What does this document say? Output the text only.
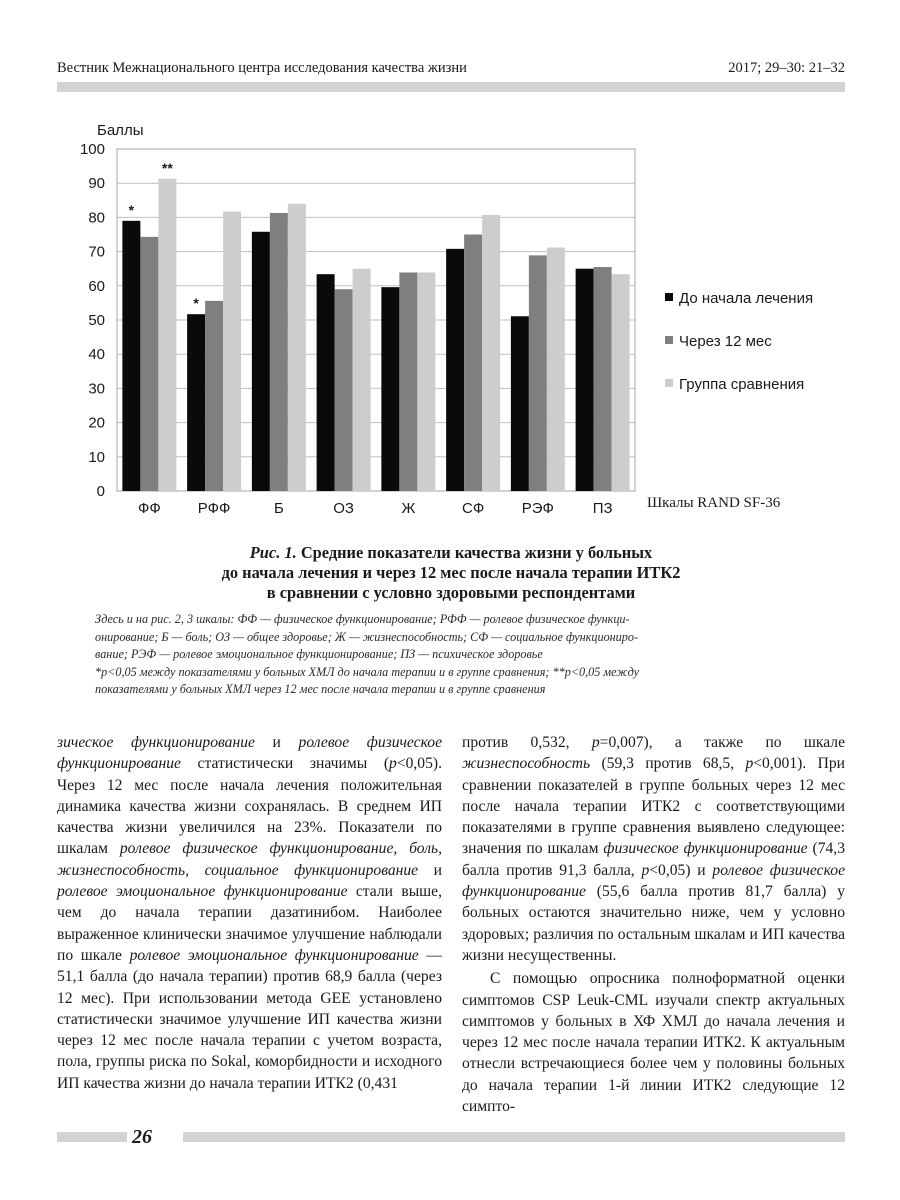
Вестник Межнационального центра исследования качества жизни	2017; 29–30: 21–32
0
10
20
30
40
50
60
70
80
90
100
Баллы
Шкалы RAND SF-36
ФФ
*
**
РФФ
*
Б	ОЗ	Ж	СФ	РЭФ	ПЗ
До начала лечения
Через 12 мес
Группа сравнения
Рис. 1. Средние показатели качества жизни у больных
до начала лечения и через 12 мес после начала терапии ИТК2
в сравнении с условно здоровыми респондентами
Здесь и на рис. 2, 3 шкалы: ФФ — физическое функционирование; РФФ — ролевое физическое функци-
онирование; Б — боль; ОЗ — общее здоровье; Ж — жизнеспособность; СФ — социальное функциониро-
вание; РЭФ — ролевое эмоциональное функционирование; ПЗ — психическое здоровье
*p<0,05 между показателями у больных ХМЛ до начала терапии и в группе сравнения; **p<0,05 между
показателями у больных ХМЛ через 12 мес после начала терапии и в группе сравнения

зическое функционирование и ролевое физическое функционирование статистически значимы (p<0,05). Через 12 мес после начала лечения положительная динамика качества жизни сохранялась. В среднем ИП качества жизни увеличился на 23%. Показатели по шкалам ролевое физическое функционирование, боль, жизнеспособность, социальное функционирование и ролевое эмоциональное функционирование стали выше, чем до начала терапии дазатинибом. Наиболее выраженное клинически значимое улучшение наблюдали по шкале ролевое эмоциональное функционирование — 51,1 балла (до начала терапии) против 68,9 балла (через 12 мес). При использовании метода GEE установлено статистически значимое улучшение ИП качества жизни через 12 мес после начала терапии с учетом возраста, пола, группы риска по Sokal, коморбидности и исходного ИП качества жизни до начала терапии ИТК2 (0,431

против 0,532, p=0,007), а также по шкале жизнеспособность (59,3 против 68,5, p<0,001). При сравнении показателей в группе больных через 12 мес после начала терапии ИТК2 с соответствующими показателями в группе сравнения выявлено следующее: значения по шкалам физическое функционирование (74,3 балла против 91,3 балла, p<0,05) и ролевое физическое функционирование (55,6 балла против 81,7 балла) у больных остаются значительно ниже, чем у условно здоровых; различия по остальным шкалам и ИП качества жизни несущественны.

С помощью опросника полноформатной оценки симптомов CSP Leuk-CML изучали спектр актуальных симптомов у больных в ХФ ХМЛ до начала лечения и через 12 мес после начала терапии ИТК2. К актуальным отнесли встречающиеся более чем у половины больных до начала терапии 1-й линии ИТК2 следующие 12 симпто-

26
